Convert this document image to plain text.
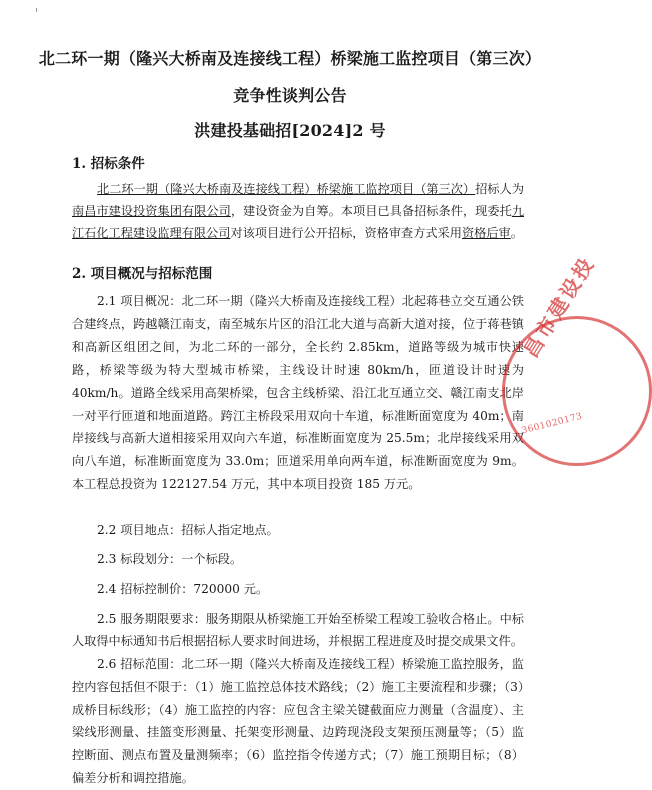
北二环一期（隆兴大桥南及连接线工程）桥梁施工监控项目（第三次）
竞争性谈判公告
洪建投基础招[2024]2 号
1. 招标条件
北二环一期（隆兴大桥南及连接线工程）桥梁施工监控项目（第三次）招标人为南昌市建设投资集团有限公司，建设资金为自筹。本项目已具备招标条件，现委托九江石化工程建设监理有限公司对该项目进行公开招标，资格审查方式采用资格后审。
2. 项目概况与招标范围
2.1 项目概况：北二环一期（隆兴大桥南及连接线工程）北起蒋巷立交互通公铁合建终点，跨越赣江南支，南至城东片区的沿江北大道与高新大道对接，位于蒋巷镇和高新区组团之间，为北二环的一部分，全长约 2.85km，道路等级为城市快速路，桥梁等级为特大型城市桥梁，主线设计时速 80km/h，匝道设计时速为 40km/h。道路全线采用高架桥梁，包含主线桥梁、沿江北互通立交、赣江南支北岸一对平行匝道和地面道路。跨江主桥段采用双向十车道，标准断面宽度为 40m；南岸接线与高新大道相接采用双向六车道，标准断面宽度为 25.5m；北岸接线采用双向八车道，标准断面宽度为 33.0m；匝道采用单向两车道，标准断面宽度为 9m。本工程总投资为 122127.54 万元，其中本项目投资 185 万元。
2.2 项目地点：招标人指定地点。
2.3 标段划分：一个标段。
2.4 招标控制价：720000 元。
2.5 服务期限要求：服务期限从桥梁施工开始至桥梁工程竣工验收合格止。中标人取得中标通知书后根据招标人要求时间进场，并根据工程进度及时提交成果文件。
2.6 招标范围：北二环一期（隆兴大桥南及连接线工程）桥梁施工监控服务，监控内容包括但不限于：（1）施工监控总体技术路线；（2）施工主要流程和步骤；（3）成桥目标线形；（4）施工监控的内容：应包含主梁关键截面应力测量（含温度）、主梁线形测量、挂篮变形测量、托架变形测量、边跨现浇段支架预压测量等；（5）监控断面、测点布置及量测频率；（6）监控指令传递方式；（7）施工预期目标；（8）偏差分析和调控措施。
昌市建设投
3601020173
